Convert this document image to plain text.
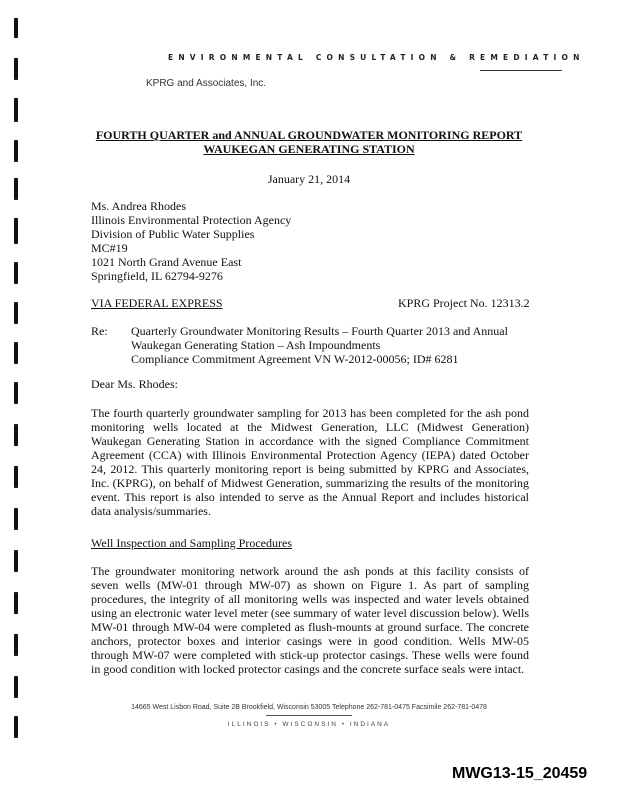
ENVIRONMENTAL CONSULTATION & REMEDIATION
KPRG and Associates, Inc.
FOURTH QUARTER and ANNUAL GROUNDWATER MONITORING REPORT
WAUKEGAN GENERATING STATION
January 21, 2014
Ms. Andrea Rhodes
Illinois Environmental Protection Agency
Division of Public Water Supplies
MC#19
1021 North Grand Avenue East
Springfield, IL 62794-9276
VIA FEDERAL EXPRESS	KPRG Project No. 12313.2
Re: Quarterly Groundwater Monitoring Results – Fourth Quarter 2013 and Annual
Waukegan Generating Station – Ash Impoundments
Compliance Commitment Agreement VN W-2012-00056; ID# 6281
Dear Ms. Rhodes:
The fourth quarterly groundwater sampling for 2013 has been completed for the ash pond monitoring wells located at the Midwest Generation, LLC (Midwest Generation) Waukegan Generating Station in accordance with the signed Compliance Commitment Agreement (CCA) with Illinois Environmental Protection Agency (IEPA) dated October 24, 2012. This quarterly monitoring report is being submitted by KPRG and Associates, Inc. (KPRG), on behalf of Midwest Generation, summarizing the results of the monitoring event. This report is also intended to serve as the Annual Report and includes historical data analysis/summaries.
Well Inspection and Sampling Procedures
The groundwater monitoring network around the ash ponds at this facility consists of seven wells (MW-01 through MW-07) as shown on Figure 1. As part of sampling procedures, the integrity of all monitoring wells was inspected and water levels obtained using an electronic water level meter (see summary of water level discussion below). Wells MW-01 through MW-04 were completed as flush-mounts at ground surface. The concrete anchors, protector boxes and interior casings were in good condition. Wells MW-05 through MW-07 were completed with stick-up protector casings. These wells were found in good condition with locked protector casings and the concrete surface seals were intact.
14665 West Lisbon Road, Suite 2B Brookfield, Wisconsin 53005 Telephone 262-781-0475 Facsimile 262-781-0478
ILLINOIS • WISCONSIN • INDIANA
MWG13-15_20459
